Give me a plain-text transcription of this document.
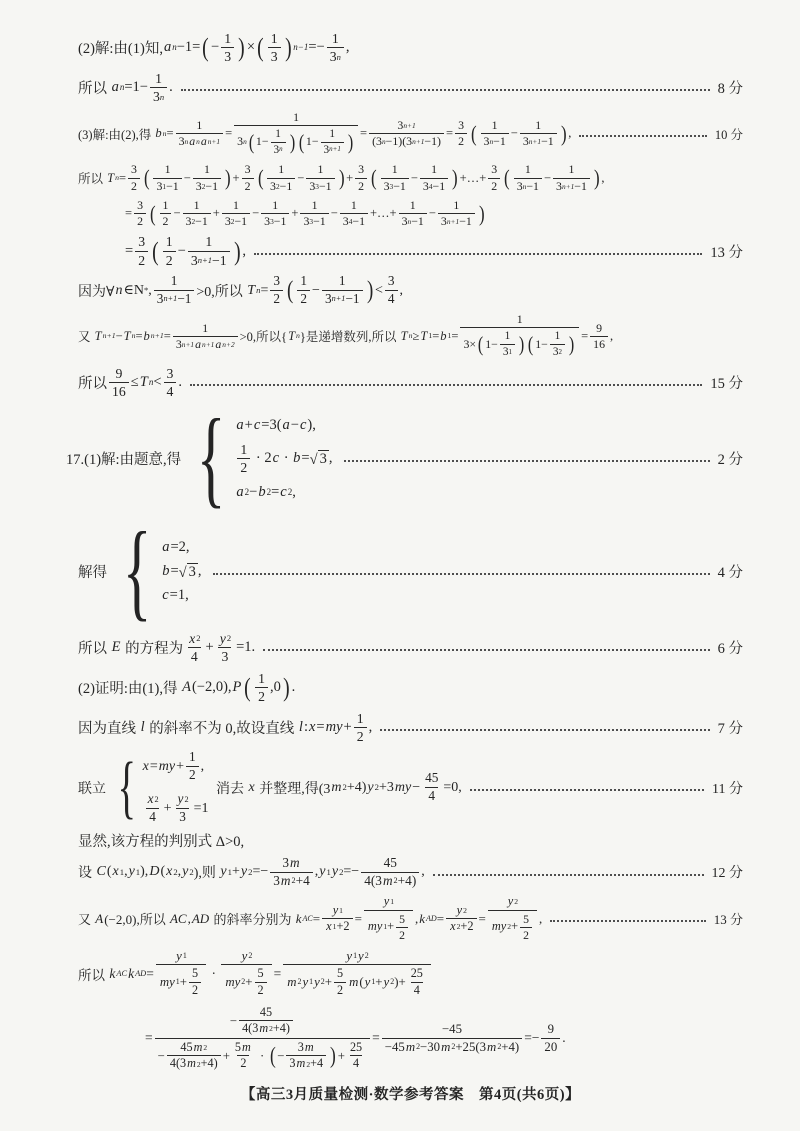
(2)解:由(1)知, a n −1= ( − $\frac{1}{3}$ ) × ( $\frac{1}{3}$ ) $n-1 =- \frac{1}{3 n}$ ,
所以 a $n =1- \frac{1}{3 n}$ .	8 分
(3)解:由(2),得 b $n = \frac{1}{\text{3 n a n a n+1}} = \frac{1}{3 n ( 1- \frac{1}{3 n} ) ( 1- \frac{1}{3 n+1} )} = \frac{3 n+1}{(3 n -1)(3 n+1 -1)} = \frac{3}{2}$ ( $\frac{1}{3 n -1} - \frac{1}{3 n+1 -1}$ ) ,	10 分
所以 T $n = \frac{3}{2}$ ( $\frac{1}{3 1 -1} - \frac{1}{3 2 -1}$ ) + $\frac{3}{2}$ ( $\frac{1}{3 2 -1} - \frac{1}{3 3 -1}$ ) + $\frac{3}{2}$ ( $\frac{1}{3 3 -1} - \frac{1}{3 4 -1}$ ) +…+ $\frac{3}{2}$ ( $\frac{1}{3 n -1} - \frac{1}{3 n+1 -1}$ ) ,
= $\frac{3}{2}$ ( $\frac{1}{2} - \frac{1}{3 2 -1} + \frac{1}{3 2 -1} - \frac{1}{3 3 -1} + \frac{1}{3 3 -1} - \frac{1}{3 4 -1}$ +…+ $\frac{1}{3 n -1} - \frac{1}{3 n+1 -1}$ )
= $\frac{3}{2}$ ( $\frac{1}{2} - \frac{1}{3 n+1 -1}$ ) ,	13 分
因为∀ n ∈N * , $\frac{1}{3 n+1 -1} >0$,所以 T $n = \frac{3}{2}$ ( $\frac{1}{2} - \frac{1}{3 n+1 -1}$ ) < $\frac{3}{4}$ ,
又 T n+1 − T n = b $n+1 = \frac{1}{\text{3 n+1 a n+1 a n+2}} >0$,所以{ T n }是递增数列,所以 T n ≥ T 1 = b $1 = \frac{1}{3\times ( 1- \frac{1}{3 1} ) ( 1- \frac{1}{3 2} )} = \frac{9}{16}$ ,
所以 $\frac{9}{16} \le T$ $n < \frac{3}{4}$ .	15 分
17.(1)解:由题意,得 { a + c =3( a − c ),
$\frac{1}{2} \cdot 2$ c · b = √ 3 ,
a 2 − b 2 = c 2 ,
2 分
解得 { a =2,
b = √ 3 ,
c =1,
4 分
所以 E 的方程为 $\frac{x 2}{4} + \frac{y 2}{3} =1$.	6 分
(2)证明:由(1),得 A (−2,0), P ( $\frac{1}{2} ,0$ ) .
因为直线 l 的斜率不为 0,故设直线 l : x = my + $\frac{1}{2}$ ,	7 分
联立 { x = my + $\frac{1}{2}$ ,
$\frac{x 2}{4} + \frac{y 2}{3} =1$
消去 x 并整理,得(3 m 2 +4) y 2 +3 my − $\frac{45}{4} =0$,	11 分
显然,该方程的判别式 Δ>0,
设 C ( x 1 , y 1 ), D ( x 2 , y 2 ),则 y 1 + y $2 =- \frac{3 m}{3 m 2 +4}$ , y 1 y $2 =- \frac{45}{4(3 m 2 +4)}$ ,	12 分
又 A (−2,0),所以 AC , AD 的斜率分别为 k AC = $\frac{y 1}{x 1 +2} = \frac{y 1}{my 1 + \frac{5}{2}}$ , k AD = $\frac{y 2}{x 2 +2} = \frac{y 2}{my 2 + \frac{5}{2}}$ ,	13 分
所以 k AC k AD = $\frac{y 1}{my 1 + \frac{5}{2}} \cdot \frac{y 2}{my 2 + \frac{5}{2}} = \frac{y 1 y 2}{m 2 y 1 y 2 + \frac{5}{2} m ( y 1 + y 2 )+ \frac{25}{4}}$
= $\frac{- \frac{45}{4(3 m 2 +4)}}{- \frac{45 m 2}{4(3 m 2 +4)} + \frac{5 m}{2} \cdot ( - \frac{3 m}{3 m 2 +4} ) + \frac{25}{4}} = \frac{-45}{-45 m 2 -30 m 2 +25(3 m 2 +4)} =- \frac{9}{20}$ .
【高三3月质量检测·数学参考答案　第4页(共6页)】
